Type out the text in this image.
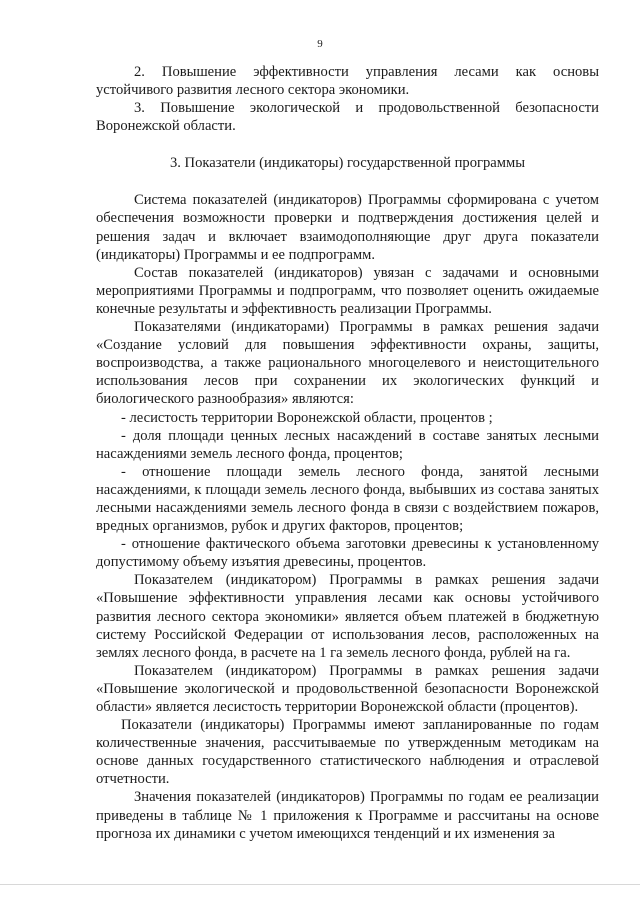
9

2. Повышение эффективности управления лесами как основы устойчивого развития лесного сектора экономики.

3. Повышение экологической и продовольственной безопасности Воронежской области.

3. Показатели (индикаторы) государственной программы

Система показателей (индикаторов) Программы сформирована с учетом обеспечения возможности проверки и подтверждения достижения целей и решения задач и включает взаимодополняющие друг друга показатели (индикаторы) Программы и ее подпрограмм.

Состав показателей (индикаторов) увязан с задачами и основными мероприятиями Программы и подпрограмм, что позволяет оценить ожидаемые конечные результаты и эффективность реализации Программы.

Показателями (индикаторами) Программы в рамках решения задачи «Создание условий для повышения эффективности охраны, защиты, воспроизводства, а также рационального многоцелевого и неистощительного использования лесов при сохранении их экологических функций и биологического разнообразия» являются:

- лесистость территории Воронежской области, процентов ;
- доля площади ценных лесных насаждений в составе занятых лесными насаждениями земель лесного фонда, процентов;
- отношение площади земель лесного фонда, занятой лесными насаждениями, к площади земель лесного фонда, выбывших из состава занятых лесными насаждениями земель лесного фонда в связи с воздействием пожаров, вредных организмов, рубок и других факторов, процентов;
- отношение фактического объема заготовки древесины к установленному допустимому объему изъятия древесины, процентов.

Показателем (индикатором) Программы в рамках решения задачи «Повышение эффективности управления лесами как основы устойчивого развития лесного сектора экономики» является объем платежей в бюджетную систему Российской Федерации от использования лесов, расположенных на землях лесного фонда, в расчете на 1 га земель лесного фонда, рублей на га.

Показателем (индикатором) Программы в рамках решения задачи «Повышение экологической и продовольственной безопасности Воронежской области» является лесистость территории Воронежской области (процентов).

Показатели (индикаторы) Программы имеют запланированные по годам количественные значения, рассчитываемые по утвержденным методикам на основе данных государственного статистического наблюдения и отраслевой отчетности.

Значения показателей (индикаторов) Программы по годам ее реализации приведены в таблице № 1 приложения к Программе и рассчитаны на основе прогноза их динамики с учетом имеющихся тенденций и их изменения за
